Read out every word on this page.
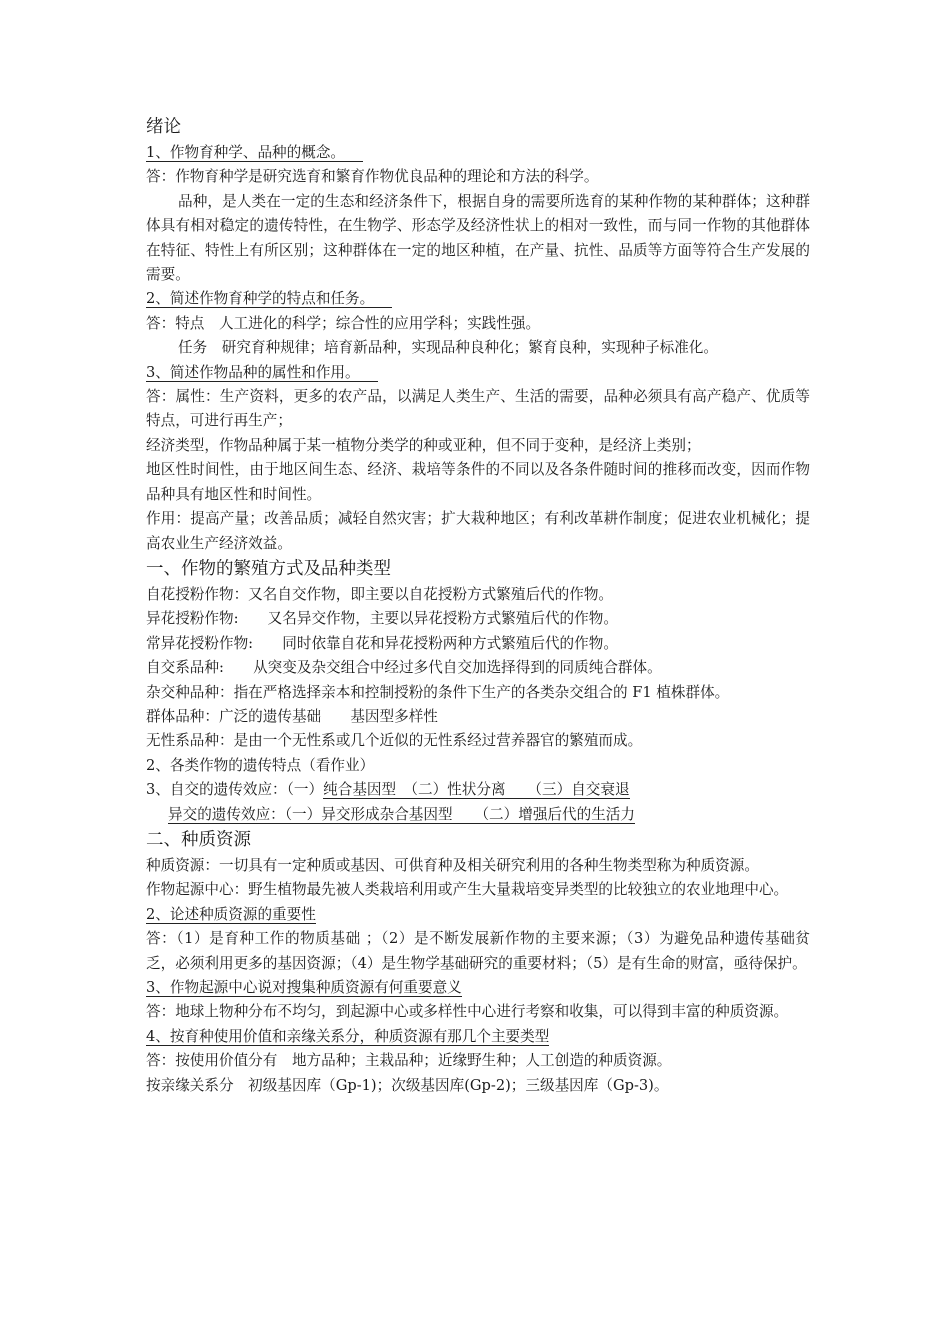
绪论

1、作物育种学、品种的概念。

答：作物育种学是研究选育和繁育作物优良品种的理论和方法的科学。

品种，是人类在一定的生态和经济条件下，根据自身的需要所选育的某种作物的某种群体；这种群体具有相对稳定的遗传特性，在生物学、形态学及经济性状上的相对一致性，而与同一作物的其他群体在特征、特性上有所区别；这种群体在一定的地区种植，在产量、抗性、品质等方面等符合生产发展的需要。

2、简述作物育种学的特点和任务。

答：特点　人工进化的科学；综合性的应用学科；实践性强。

任务　研究育种规律；培育新品种，实现品种良种化；繁育良种，实现种子标准化。

3、简述作物品种的属性和作用。

答：属性：生产资料，更多的农产品，以满足人类生产、生活的需要，品种必须具有高产稳产、优质等特点，可进行再生产；

经济类型，作物品种属于某一植物分类学的种或亚种，但不同于变种，是经济上类别；

地区性时间性，由于地区间生态、经济、栽培等条件的不同以及各条件随时间的推移而改变，因而作物品种具有地区性和时间性。

作用：提高产量；改善品质；减轻自然灾害；扩大栽种地区；有利改革耕作制度；促进农业机械化；提高农业生产经济效益。

一、作物的繁殖方式及品种类型

自花授粉作物：又名自交作物，即主要以自花授粉方式繁殖后代的作物。

异花授粉作物:　　又名异交作物，主要以异花授粉方式繁殖后代的作物。

常异花授粉作物:　　同时依靠自花和异花授粉两种方式繁殖后代的作物。

自交系品种:　　从突变及杂交组合中经过多代自交加选择得到的同质纯合群体。

杂交种品种：指在严格选择亲本和控制授粉的条件下生产的各类杂交组合的 F1 植株群体。

群体品种：广泛的遗传基础　　基因型多样性

无性系品种：是由一个无性系或几个近似的无性系经过营养器官的繁殖而成。

2、各类作物的遗传特点（看作业）

3、自交的遗传效应：（一）纯合基因型　（二）性状分离　　（三）自交衰退

异交的遗传效应：（一）异交形成杂合基因型　　（二）增强后代的生活力

二、种质资源

种质资源：一切具有一定种质或基因、可供育种及相关研究利用的各种生物类型称为种质资源。

作物起源中心：野生植物最先被人类栽培利用或产生大量栽培变异类型的比较独立的农业地理中心。

2、论述种质资源的重要性

答：（1）是育种工作的物质基础 ；（2）是不断发展新作物的主要来源；（3）为避免品种遗传基础贫乏，必须利用更多的基因资源；（4）是生物学基础研究的重要材料；（5）是有生命的财富，亟待保护。

3、作物起源中心说对搜集种质资源有何重要意义

答：地球上物种分布不均匀，到起源中心或多样性中心进行考察和收集，可以得到丰富的种质资源。

4、按育种使用价值和亲缘关系分，种质资源有那几个主要类型

答：按使用价值分有　地方品种；主栽品种；近缘野生种；人工创造的种质资源。

按亲缘关系分　初级基因库（Gp-1)；次级基因库(Gp-2)；三级基因库（Gp-3)。
